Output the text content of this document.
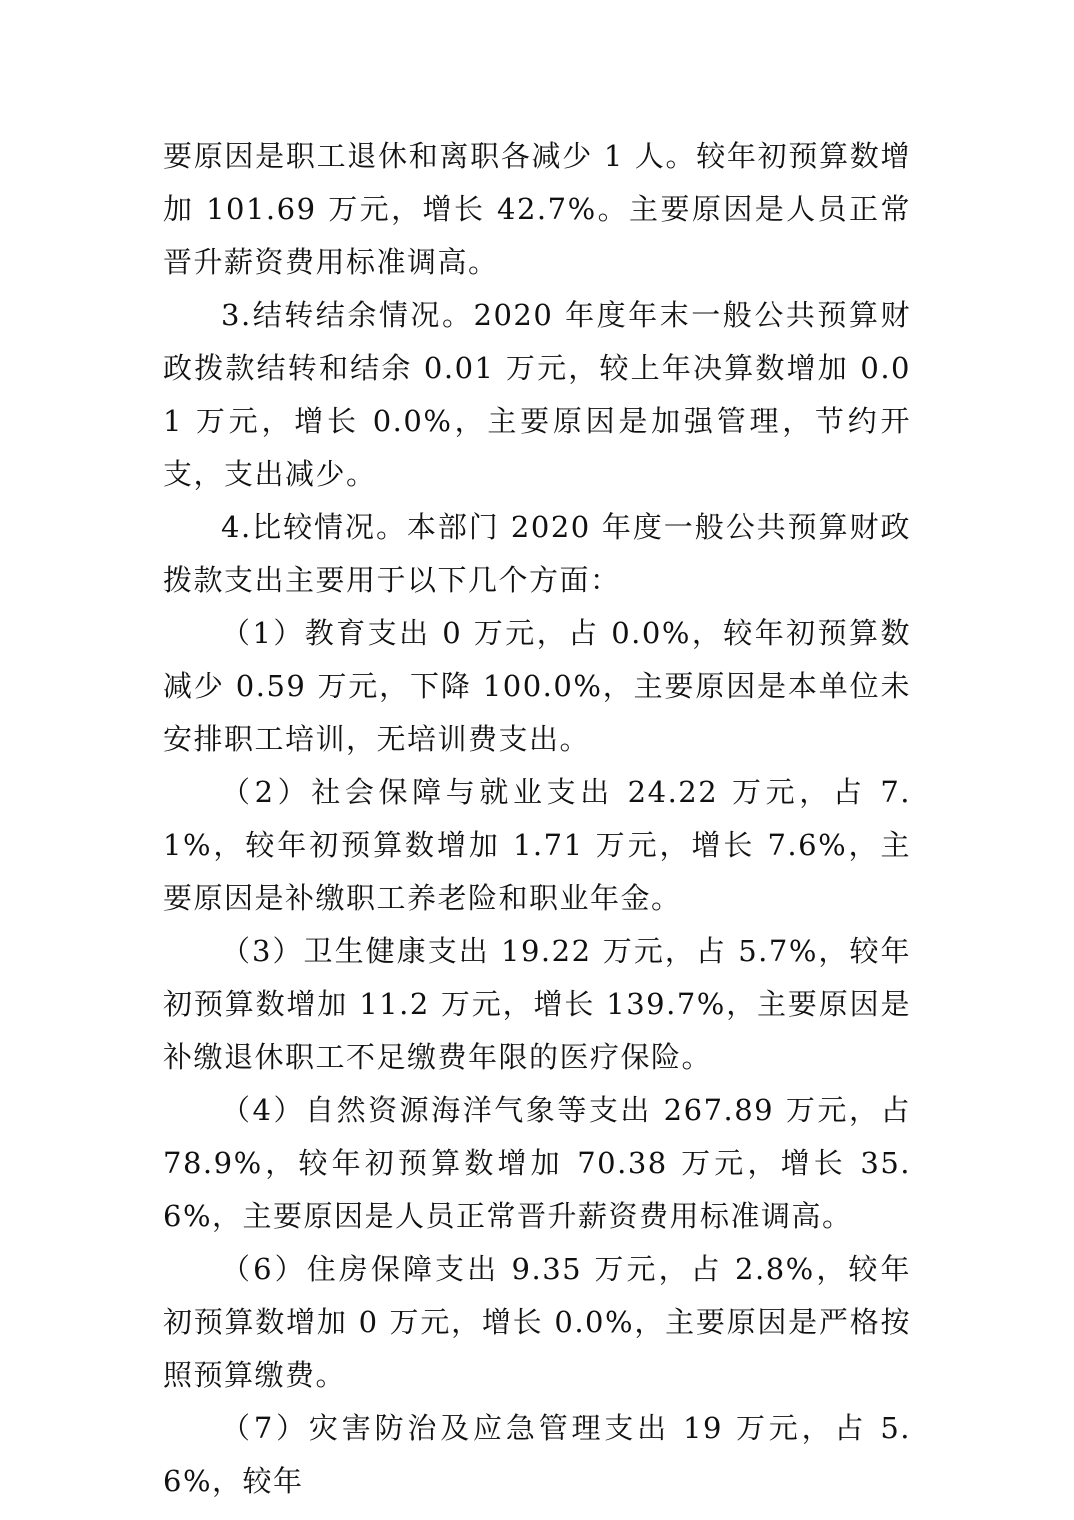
要原因是职工退休和离职各减少 1 人。较年初预算数增加 101.69 万元，增长 42.7%。主要原因是人员正常晋升薪资费用标准调高。

3.结转结余情况。2020 年度年末一般公共预算财政拨款结转和结余 0.01 万元，较上年决算数增加 0.01 万元，增长 0.0%，主要原因是加强管理，节约开支，支出减少。

4.比较情况。本部门 2020 年度一般公共预算财政拨款支出主要用于以下几个方面：

（1）教育支出 0 万元，占 0.0%，较年初预算数减少 0.59 万元，下降 100.0%，主要原因是本单位未安排职工培训，无培训费支出。

（2）社会保障与就业支出 24.22 万元，占 7.1%，较年初预算数增加 1.71 万元，增长 7.6%，主要原因是补缴职工养老险和职业年金。

（3）卫生健康支出 19.22 万元，占 5.7%，较年初预算数增加 11.2 万元，增长 139.7%，主要原因是补缴退休职工不足缴费年限的医疗保险。

（4）自然资源海洋气象等支出 267.89 万元，占 78.9%，较年初预算数增加 70.38 万元，增长 35.6%，主要原因是人员正常晋升薪资费用标准调高。

（6）住房保障支出 9.35 万元，占 2.8%，较年初预算数增加 0 万元，增长 0.0%，主要原因是严格按照预算缴费。

（7）灾害防治及应急管理支出 19 万元，占 5.6%，较年
